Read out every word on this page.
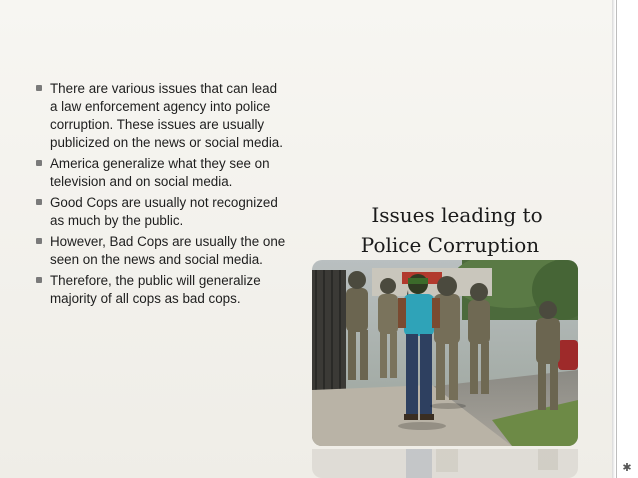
There are various issues that can lead a law enforcement agency into police corruption. These issues are usually publicized on the news or social media.
America generalize what they see on television and on social media.
Good Cops are usually not recognized as much by the public.
However, Bad Cops are usually the one seen on the news and social media.
Therefore, the public will generalize majority of all cops as bad cops.
Issues leading to
Police Corruption
✱
